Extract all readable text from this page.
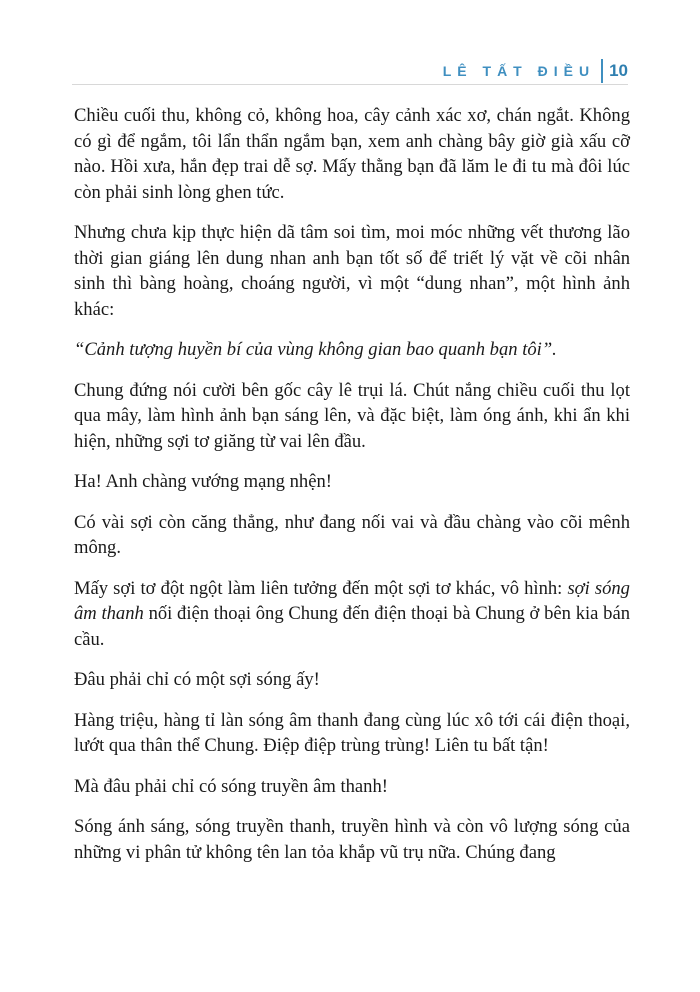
LÊ TẤT ĐIỀU 10

Chiều cuối thu, không cỏ, không hoa, cây cảnh xác xơ, chán ngắt. Không có gì để ngắm, tôi lẩn thẩn ngắm bạn, xem anh chàng bây giờ già xấu cỡ nào. Hồi xưa, hắn đẹp trai dễ sợ. Mấy thằng bạn đã lăm le đi tu mà đôi lúc còn phải sinh lòng ghen tức.

Nhưng chưa kịp thực hiện dã tâm soi tìm, moi móc những vết thương lão thời gian giáng lên dung nhan anh bạn tốt số để triết lý vặt về cõi nhân sinh thì bàng hoàng, choáng người, vì một “dung nhan”, một hình ảnh khác:

“Cảnh tượng huyền bí của vùng không gian bao quanh bạn tôi”.

Chung đứng nói cười bên gốc cây lê trụi lá. Chút nắng chiều cuối thu lọt qua mây, làm hình ảnh bạn sáng lên, và đặc biệt, làm óng ánh, khi ẩn khi hiện, những sợi tơ giăng từ vai lên đầu.

Ha! Anh chàng vướng mạng nhện!

Có vài sợi còn căng thẳng, như đang nối vai và đầu chàng vào cõi mênh mông.

Mấy sợi tơ đột ngột làm liên tưởng đến một sợi tơ khác, vô hình: sợi sóng âm thanh nối điện thoại ông Chung đến điện thoại bà Chung ở bên kia bán cầu.

Đâu phải chỉ có một sợi sóng ấy!

Hàng triệu, hàng tỉ làn sóng âm thanh đang cùng lúc xô tới cái điện thoại, lướt qua thân thể Chung. Điệp điệp trùng trùng! Liên tu bất tận!

Mà đâu phải chỉ có sóng truyền âm thanh!

Sóng ánh sáng, sóng truyền thanh, truyền hình và còn vô lượng sóng của những vi phân tử không tên lan tỏa khắp vũ trụ nữa. Chúng đang
